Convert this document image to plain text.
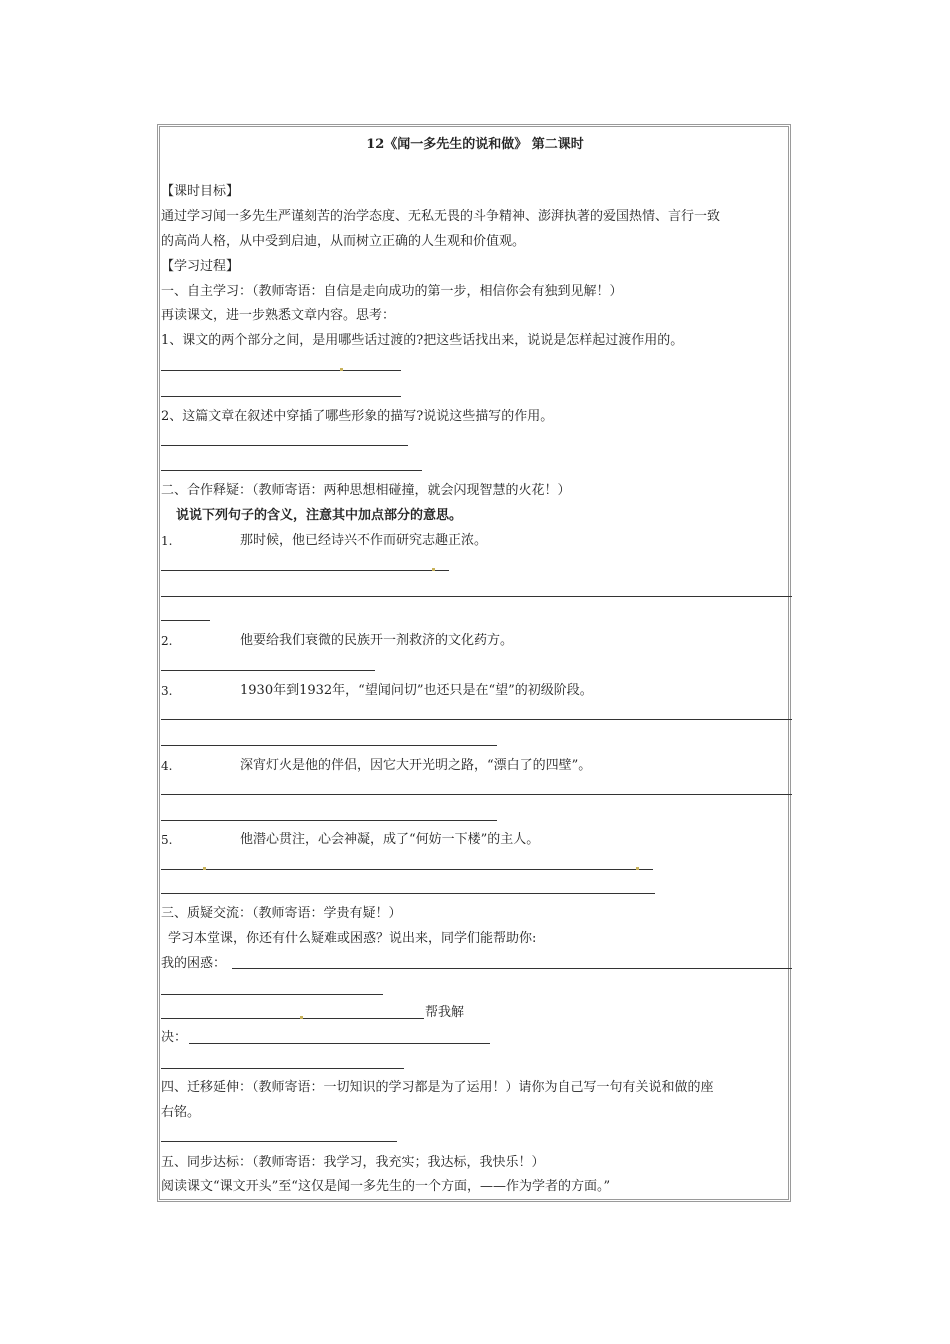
12《闻一多先生的说和做》 第二课时
【课时目标】
通过学习闻一多先生严谨刻苦的治学态度、无私无畏的斗争精神、澎湃执著的爱国热情、言行一致
的高尚人格，从中受到启迪，从而树立正确的人生观和价值观。
【学习过程】
一、自主学习：（教师寄语：自信是走向成功的第一步，相信你会有独到见解！）
再读课文，进一步熟悉文章内容。思考：
1、课文的两个部分之间，是用哪些话过渡的?把这些话找出来，说说是怎样起过渡作用的。
2、这篇文章在叙述中穿插了哪些形象的描写?说说这些描写的作用。
二、合作释疑：（教师寄语：两种思想相碰撞，就会闪现智慧的火花！）
说说下列句子的含义，注意其中加点部分的意思。
1.	那时候，他已经诗兴不作而研究志趣正浓。
2.	他要给我们衰微的民族开一剂救济的文化药方。
3.	1930年到1932年，“望闻问切”也还只是在“望”的初级阶段。
4.	深宵灯火是他的伴侣，因它大开光明之路，“漂白了的四壁”。
5.	他潜心贯注，心会神凝，成了“何妨一下楼”的主人。
三、质疑交流：（教师寄语：学贵有疑！）
学习本堂课，你还有什么疑难或困惑？说出来，同学们能帮助你:
我的困惑：
帮我解
决：
四、迁移延伸：（教师寄语：一切知识的学习都是为了运用！）请你为自己写一句有关说和做的座
右铭。
五、同步达标：（教师寄语：我学习，我充实；我达标，我快乐！）
阅读课文“课文开头”至“这仅是闻一多先生的一个方面，——作为学者的方面。”
